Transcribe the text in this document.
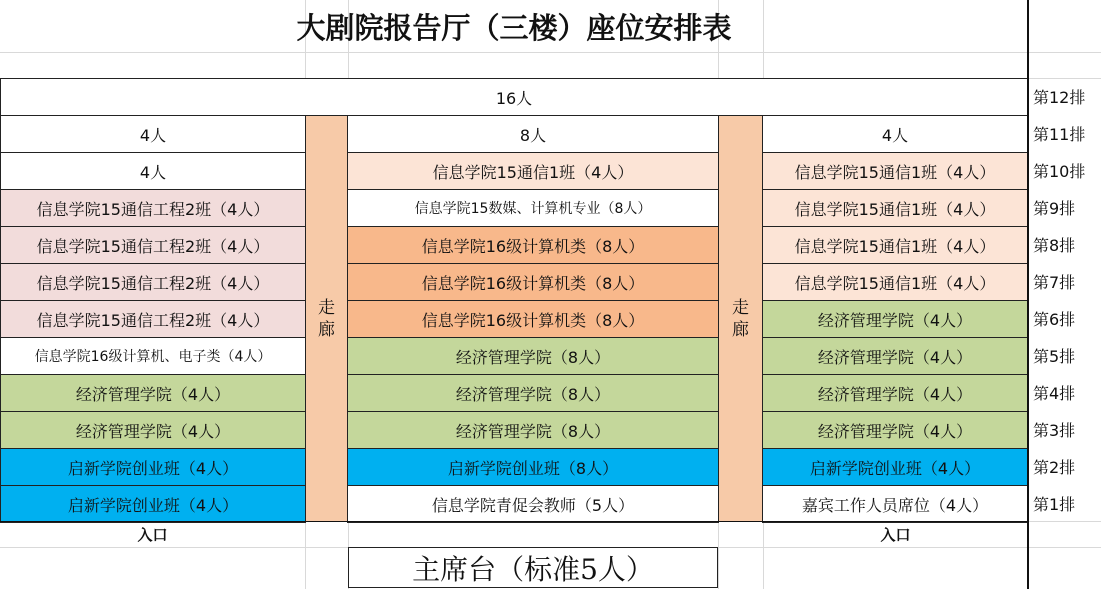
大剧院报告厅（三楼）座位安排表
第12排
第11排
第10排
第9排
第8排
第7排
第6排
第5排
第4排
第3排
第2排
第1排
16人
4人
4人
信息学院15通信工程2班（4人）
信息学院15通信工程2班（4人）
信息学院15通信工程2班（4人）
信息学院15通信工程2班（4人）
信息学院16级计算机、电子类（4人）
经济管理学院（4人）
经济管理学院（4人）
启新学院创业班（4人）
启新学院创业班（4人）
8人
信息学院15通信1班（4人）
信息学院15数媒、计算机专业（8人）
信息学院16级计算机类（8人）
信息学院16级计算机类（8人）
信息学院16级计算机类（8人）
经济管理学院（8人）
经济管理学院（8人）
经济管理学院（8人）
启新学院创业班（8人）
信息学院青促会教师（5人）
4人
信息学院15通信1班（4人）
信息学院15通信1班（4人）
信息学院15通信1班（4人）
信息学院15通信1班（4人）
经济管理学院（4人）
经济管理学院（4人）
经济管理学院（4人）
经济管理学院（4人）
启新学院创业班（4人）
嘉宾工作人员席位（4人）
走
廊
走
廊
入口	入口
主席台（标准5人）
